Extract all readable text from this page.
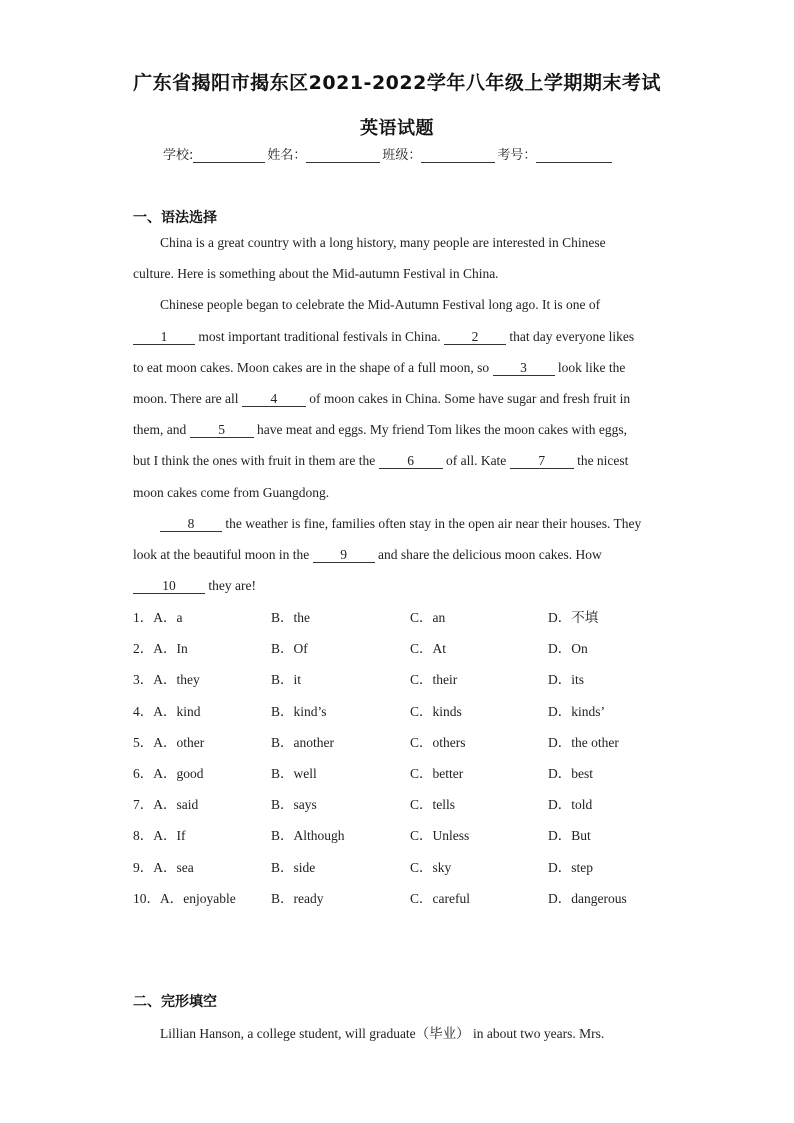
广东省揭阳市揭东区2021-2022学年八年级上学期期末考试
英语试题
学校:	姓名：	班级：	考号：
一、语法选择
China is a great country with a long history, many people are interested in Chinese
culture. Here is something about the Mid-autumn Festival in China.
Chinese people began to celebrate the Mid-Autumn Festival long ago. It is one of
1 most important traditional festivals in China. 2 that day everyone likes
to eat moon cakes. Moon cakes are in the shape of a full moon, so 3 look like the
moon. There are all 4 of moon cakes in China. Some have sugar and fresh fruit in
them, and 5 have meat and eggs. My friend Tom likes the moon cakes with eggs,
but I think the ones with fruit in them are the 6 of all. Kate 7 the nicest
moon cakes come from Guangdong.
8 the weather is fine, families often stay in the open air near their houses. They
look at the beautiful moon in the 9 and share the delicious moon cakes. How
10 they are!
1．A．a	B．the	C．an	D．不填
2．A．In	B．Of	C．At	D．On
3．A．they	B．it	C．their	D．its
4．A．kind	B．kind’s	C．kinds	D．kinds’
5．A．other	B．another	C．others	D．the other
6．A．good	B．well	C．better	D．best
7．A．said	B．says	C．tells	D．told
8．A．If	B．Although	C．Unless	D．But
9．A．sea	B．side	C．sky	D．step
10．A．enjoyable	B．ready	C．careful	D．dangerous
二、完形填空
Lillian Hanson, a college student, will graduate（毕业） in about two years. Mrs.
